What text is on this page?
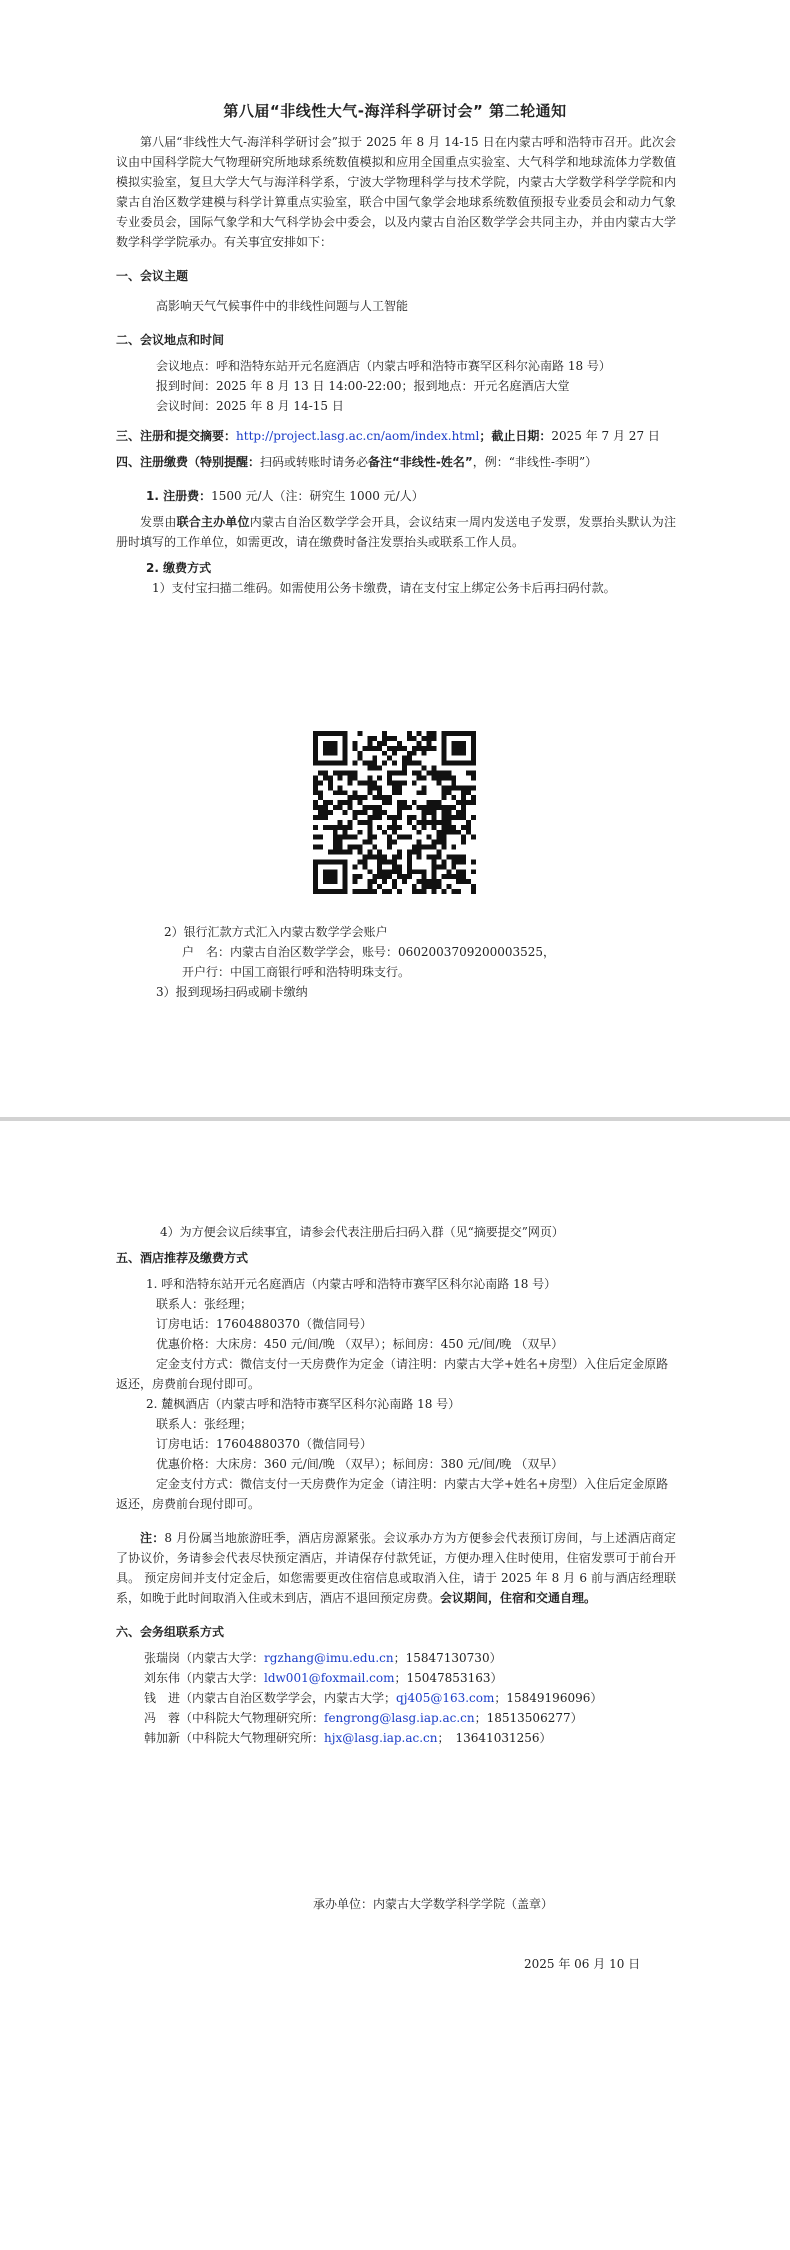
第八届“非线性大气-海洋科学研讨会” 第二轮通知
第八届“非线性大气-海洋科学研讨会”拟于 2025 年 8 月 14-15 日在内蒙古呼和浩特市召开。此次会议由中国科学院大气物理研究所地球系统数值模拟和应用全国重点实验室、大气科学和地球流体力学数值模拟实验室，复旦大学大气与海洋科学系，宁波大学物理科学与技术学院，内蒙古大学数学科学学院和内蒙古自治区数学建模与科学计算重点实验室，联合中国气象学会地球系统数值预报专业委员会和动力气象专业委员会，国际气象学和大气科学协会中委会，以及内蒙古自治区数学学会共同主办，并由内蒙古大学数学科学学院承办。有关事宜安排如下：
一、会议主题
高影响天气气候事件中的非线性问题与人工智能
二、会议地点和时间
会议地点：呼和浩特东站开元名庭酒店（内蒙古呼和浩特市赛罕区科尔沁南路 18 号）
报到时间：2025 年 8 月 13 日 14:00-22:00；报到地点：开元名庭酒店大堂
会议时间：2025 年 8 月 14-15 日
三、注册和提交摘要：http://project.lasg.ac.cn/aom/index.html；截止日期：2025 年 7 月 27 日
四、注册缴费（特别提醒：扫码或转账时请务必备注“非线性-姓名”，例：“非线性-李明”）
1. 注册费：1500 元/人（注：研究生 1000 元/人）
发票由联合主办单位内蒙古自治区数学学会开具，会议结束一周内发送电子发票，发票抬头默认为注册时填写的工作单位，如需更改，请在缴费时备注发票抬头或联系工作人员。
2. 缴费方式
1）支付宝扫描二维码。如需使用公务卡缴费，请在支付宝上绑定公务卡后再扫码付款。
2）银行汇款方式汇入内蒙古数学学会账户
户　名：内蒙古自治区数学学会，账号：0602003709200003525，
开户行：中国工商银行呼和浩特明珠支行。
3）报到现场扫码或刷卡缴纳
4）为方便会议后续事宜，请参会代表注册后扫码入群（见“摘要提交”网页）
五、酒店推荐及缴费方式
1. 呼和浩特东站开元名庭酒店（内蒙古呼和浩特市赛罕区科尔沁南路 18 号）
联系人：张经理；
订房电话：17604880370（微信同号）
优惠价格：大床房：450 元/间/晚 （双早）；标间房：450 元/间/晚 （双早）
定金支付方式：微信支付一天房费作为定金（请注明：内蒙古大学+姓名+房型）入住后定金原路返还，房费前台现付即可。
2. 麓枫酒店（内蒙古呼和浩特市赛罕区科尔沁南路 18 号）
联系人：张经理；
订房电话：17604880370（微信同号）
优惠价格：大床房：360 元/间/晚 （双早）；标间房：380 元/间/晚 （双早）
定金支付方式：微信支付一天房费作为定金（请注明：内蒙古大学+姓名+房型）入住后定金原路返还，房费前台现付即可。
注：8 月份属当地旅游旺季，酒店房源紧张。会议承办方为方便参会代表预订房间，与上述酒店商定了协议价，务请参会代表尽快预定酒店，并请保存付款凭证，方便办理入住时使用，住宿发票可于前台开具。 预定房间并支付定金后，如您需要更改住宿信息或取消入住，请于 2025 年 8 月 6 前与酒店经理联系，如晚于此时间取消入住或未到店，酒店不退回预定房费。会议期间，住宿和交通自理。
六、会务组联系方式
张瑞岗（内蒙古大学：rgzhang@imu.edu.cn；15847130730）
刘东伟（内蒙古大学：ldw001@foxmail.com；15047853163）
钱　进（内蒙古自治区数学学会，内蒙古大学；qj405@163.com；15849196096）
冯　蓉（中科院大气物理研究所：fengrong@lasg.iap.ac.cn；18513506277）
韩加新（中科院大气物理研究所：hjx@lasg.iap.ac.cn；　13641031256）
承办单位：内蒙古大学数学科学学院（盖章）
2025 年 06 月 10 日
